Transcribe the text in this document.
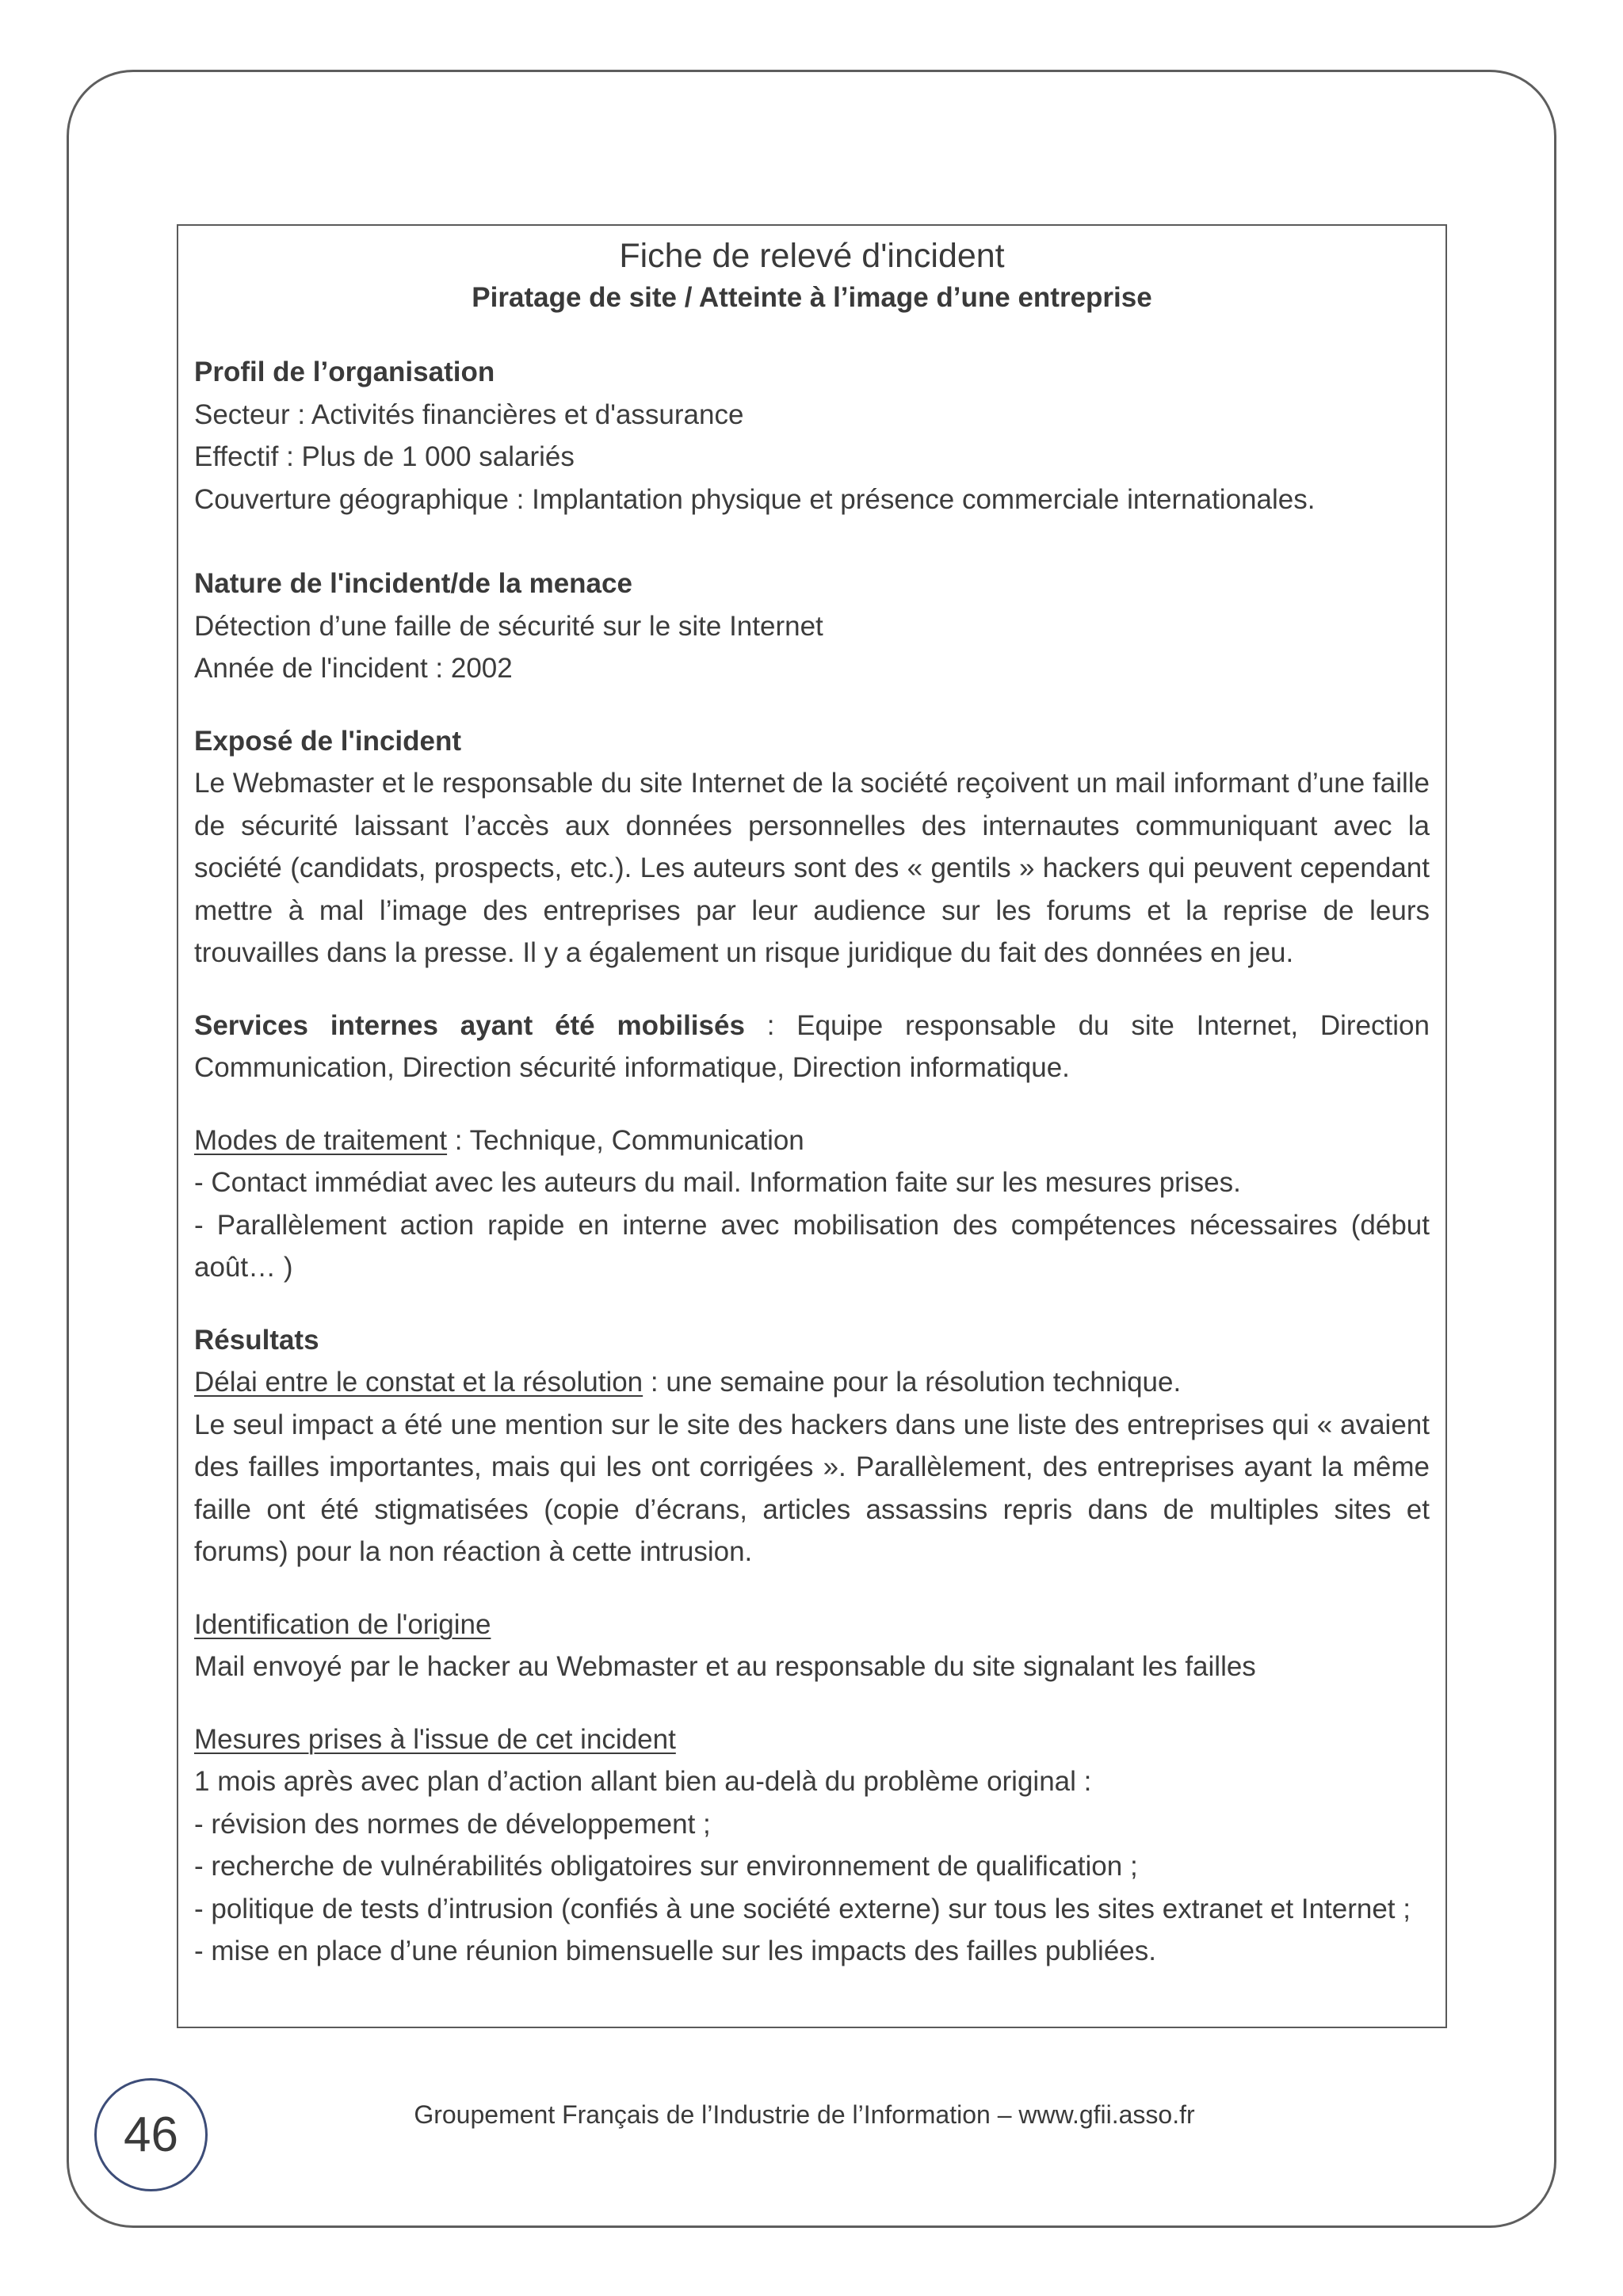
Fiche de relevé d'incident
Piratage de site / Atteinte à l’image d’une entreprise
Profil de l’organisation
Secteur : Activités financières et d'assurance
Effectif : Plus de 1 000 salariés
Couverture géographique : Implantation physique et présence commerciale internationales.
Nature de l'incident/de la menace
Détection d’une faille de sécurité sur le site Internet
Année de l'incident : 2002
Exposé de l'incident
Le Webmaster et le responsable du site Internet de la société reçoivent un mail informant d’une faille de sécurité laissant l’accès aux données personnelles des internautes communiquant avec la société (candidats, prospects, etc.). Les auteurs sont des « gentils » hackers qui peuvent cependant mettre à mal l’image des entreprises par leur audience sur les forums et la reprise de leurs trouvailles dans la presse. Il y a également un risque juridique du fait des données en jeu.
Services internes ayant été mobilisés : Equipe responsable du site Internet, Direction Communication, Direction sécurité informatique, Direction informatique.
Modes de traitement : Technique, Communication
- Contact immédiat avec les auteurs du mail. Information faite sur les mesures prises.
- Parallèlement action rapide en interne avec mobilisation des compétences nécessaires (début août… )
Résultats
Délai entre le constat et la résolution : une semaine pour la résolution technique.
Le seul impact a été une mention sur le site des hackers dans une liste des entreprises qui « avaient des failles importantes, mais qui les ont corrigées ». Parallèlement, des entreprises ayant la même faille ont été stigmatisées (copie d’écrans, articles assassins repris dans de multiples sites et forums) pour la non réaction à cette intrusion.
Identification de l'origine
Mail envoyé par le hacker au Webmaster et au responsable du site signalant les failles
Mesures prises à l'issue de cet incident
1 mois après avec plan d’action allant bien au-delà du problème original :
- révision des normes de développement ;
- recherche de vulnérabilités obligatoires sur environnement de qualification ;
- politique de tests d’intrusion (confiés à une société externe) sur tous les sites extranet et Internet ;
- mise en place d’une réunion bimensuelle sur les impacts des failles publiées.
46	Groupement Français de l’Industrie de l’Information – www.gfii.asso.fr
